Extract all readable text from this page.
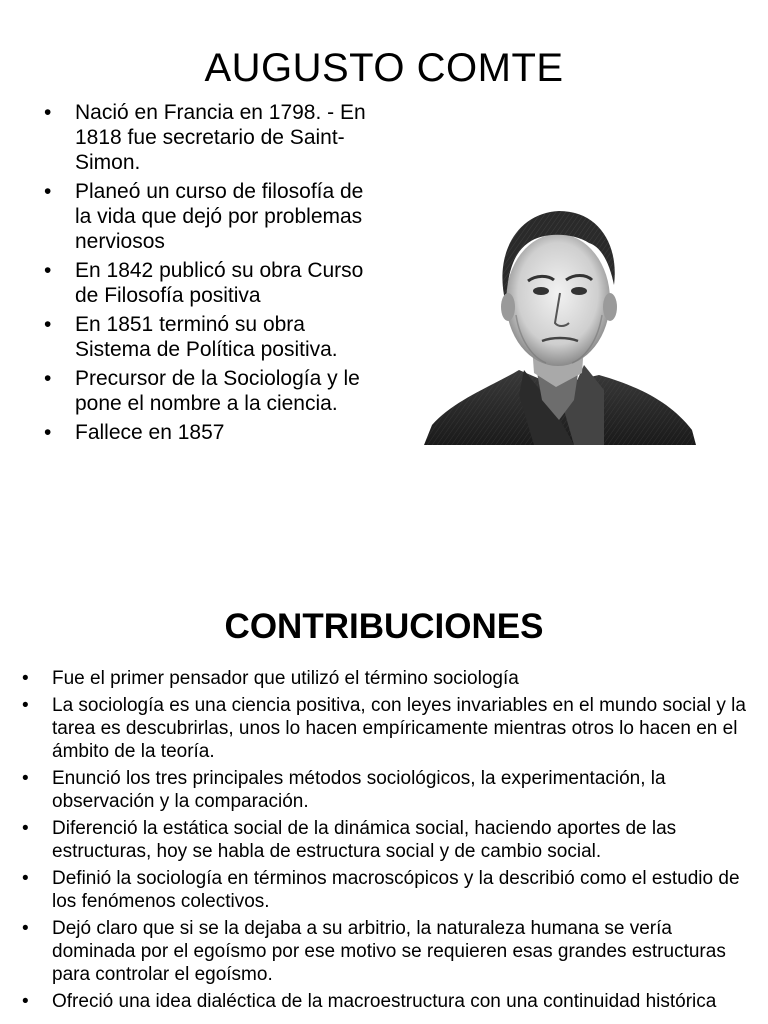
AUGUSTO COMTE
• Nació en Francia en 1798. - En 1818 fue secretario de Saint-Simon.
• Planeó un curso de filosofía de la vida que dejó por problemas nerviosos
• En 1842 publicó su obra Curso de Filosofía positiva
• En 1851 terminó su obra Sistema de Política positiva.
• Precursor de la Sociología y le pone el nombre a la ciencia.
• Fallece en 1857
CONTRIBUCIONES
• Fue el primer pensador que utilizó el término sociología
• La sociología es una ciencia positiva, con leyes invariables en el mundo social y la tarea es descubrirlas, unos lo hacen empíricamente mientras otros lo hacen en el ámbito de la teoría.
• Enunció los tres principales métodos sociológicos, la experimentación, la observación y la comparación.
• Diferenció la estática social de la dinámica social, haciendo aportes de las estructuras, hoy se habla de estructura social y de cambio social.
• Definió la sociología en términos macroscópicos y la describió como el estudio de los fenómenos colectivos.
• Dejó claro que si se la dejaba a su arbitrio, la naturaleza humana se vería dominada por el egoísmo por ese motivo se requieren esas grandes estructuras para controlar el egoísmo.
• Ofreció una idea dialéctica de la macroestructura con una continuidad histórica
